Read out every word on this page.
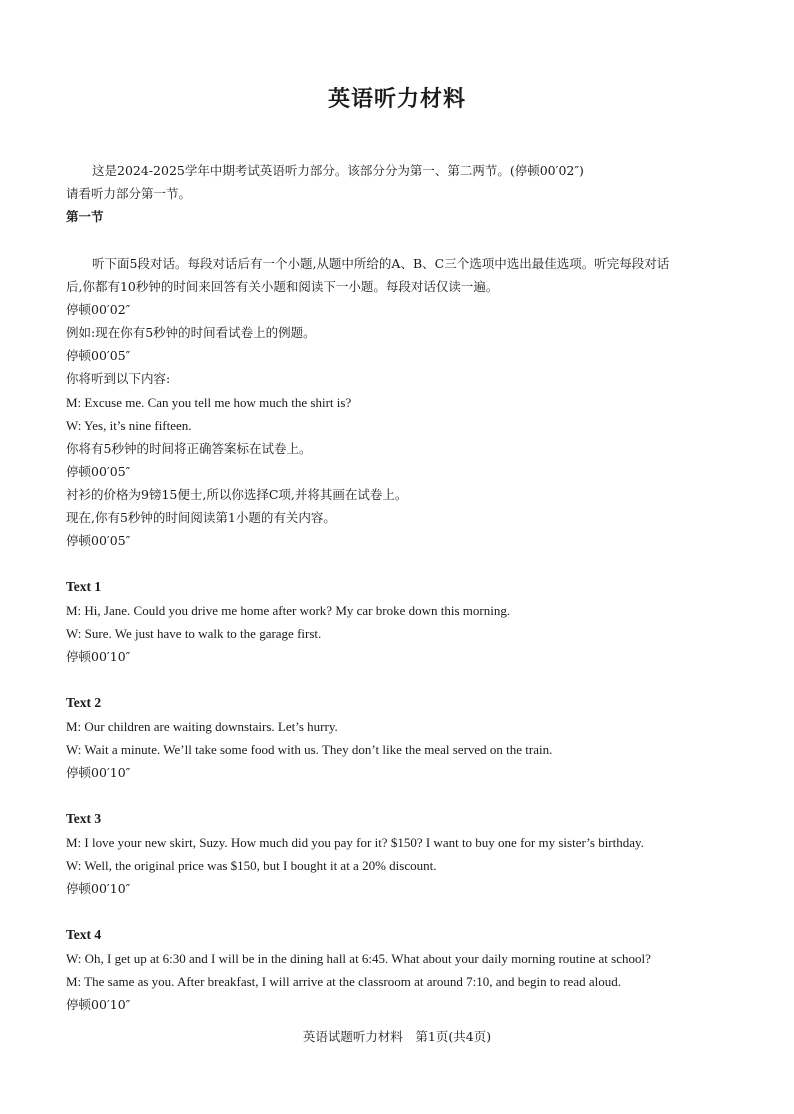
英语听力材料
这是2024-2025学年中期考试英语听力部分。该部分分为第一、第二两节。(停顿00′02″)
请看听力部分第一节。
第一节
听下面5段对话。每段对话后有一个小题,从题中所给的A、B、C三个选项中选出最佳选项。听完每段对话
后,你都有10秒钟的时间来回答有关小题和阅读下一小题。每段对话仅读一遍。
停顿00′02″
例如:现在你有5秒钟的时间看试卷上的例题。
停顿00′05″
你将听到以下内容:
M: Excuse me. Can you tell me how much the shirt is?
W: Yes, it’s nine fifteen.
你将有5秒钟的时间将正确答案标在试卷上。
停顿00′05″
衬衫的价格为9镑15便士,所以你选择C项,并将其画在试卷上。
现在,你有5秒钟的时间阅读第1小题的有关内容。
停顿00′05″
Text 1
M: Hi, Jane. Could you drive me home after work? My car broke down this morning.
W: Sure. We just have to walk to the garage first.
停顿00′10″
Text 2
M: Our children are waiting downstairs. Let’s hurry.
W: Wait a minute. We’ll take some food with us. They don’t like the meal served on the train.
停顿00′10″
Text 3
M: I love your new skirt, Suzy. How much did you pay for it? $150? I want to buy one for my sister’s birthday.
W: Well, the original price was $150, but I bought it at a 20% discount.
停顿00′10″
Text 4
W: Oh, I get up at 6:30 and I will be in the dining hall at 6:45. What about your daily morning routine at school?
M: The same as you. After breakfast, I will arrive at the classroom at around 7:10, and begin to read aloud.
停顿00′10″
英语试题听力材料　第1页(共4页)
